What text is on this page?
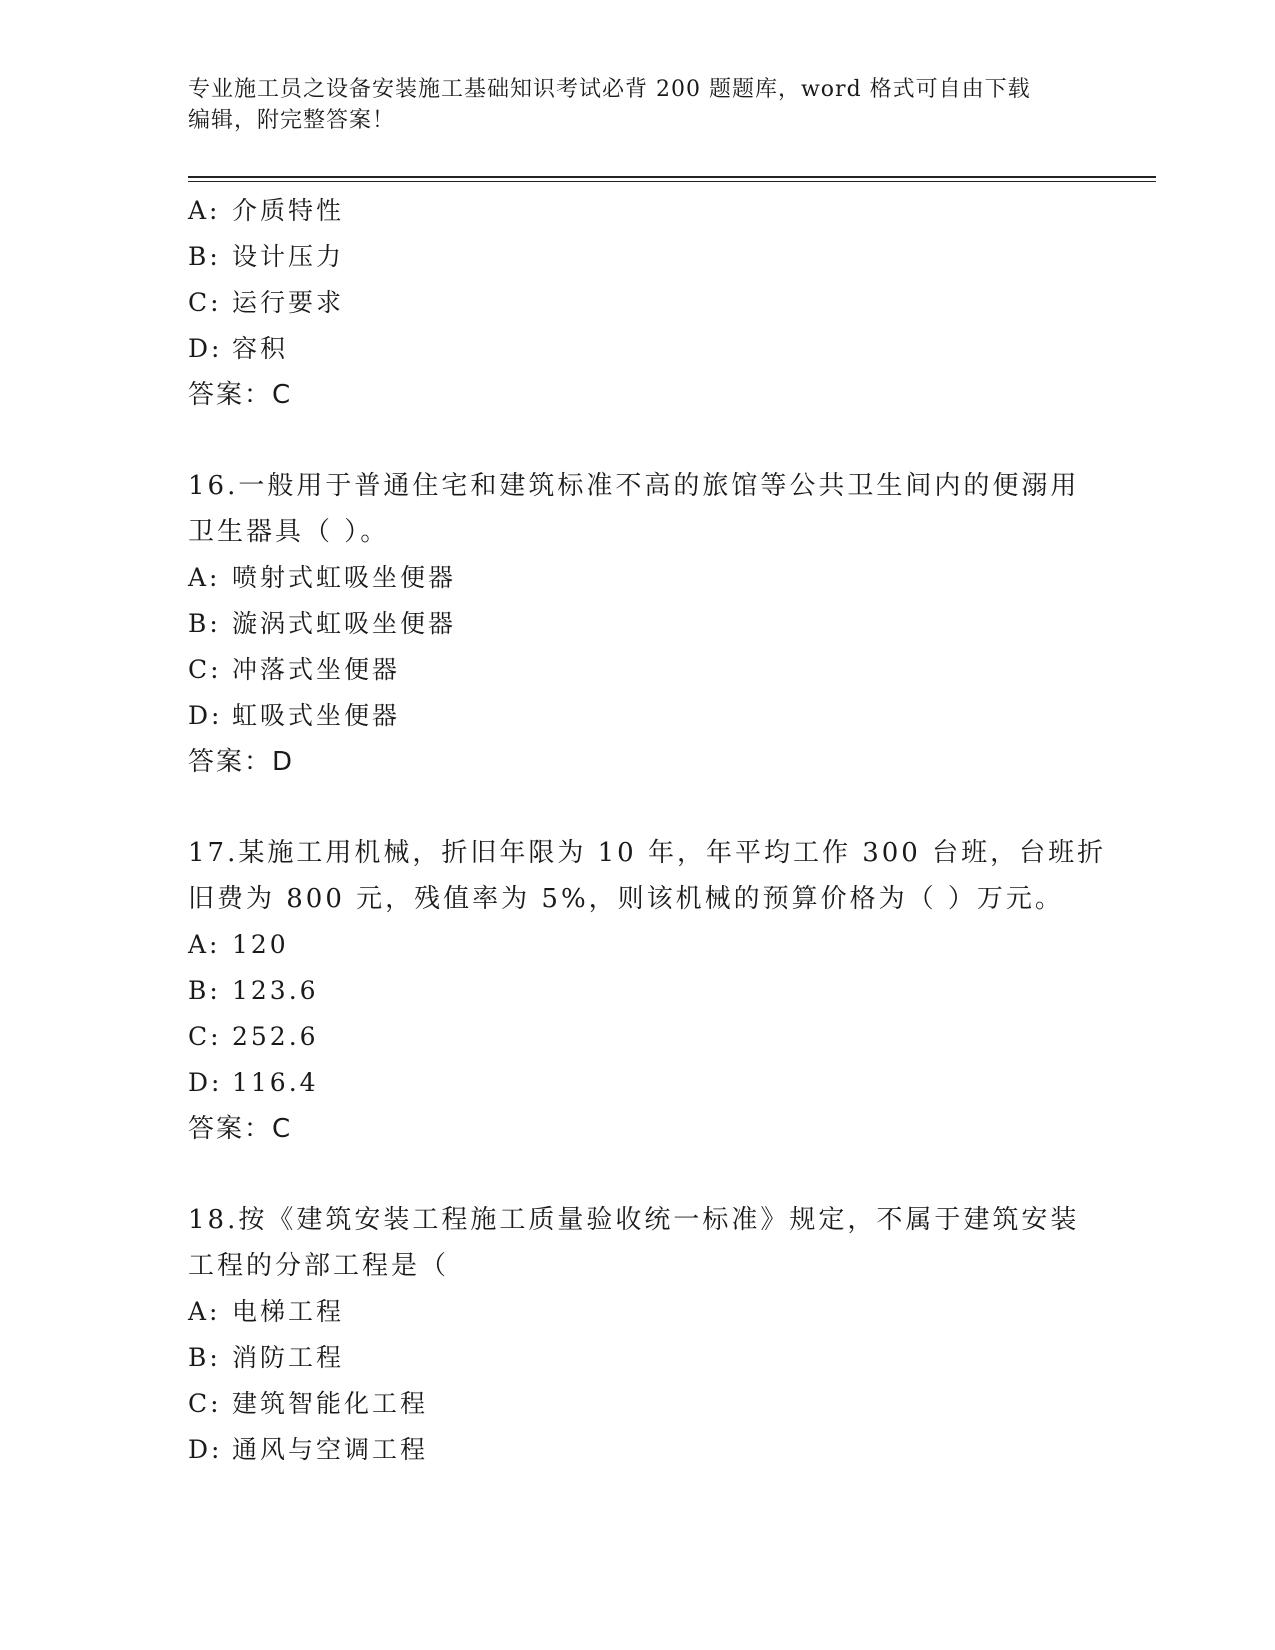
专业施工员之设备安装施工基础知识考试必背 200 题题库，word 格式可自由下载
编辑，附完整答案！
A: 介质特性
B: 设计压力
C: 运行要求
D: 容积
答案：C
16.一般用于普通住宅和建筑标准不高的旅馆等公共卫生间内的便溺用
卫生器具（ ）。
A: 喷射式虹吸坐便器
B: 漩涡式虹吸坐便器
C: 冲落式坐便器
D: 虹吸式坐便器
答案：D
17.某施工用机械，折旧年限为 10 年，年平均工作 300 台班，台班折
旧费为 800 元，残值率为 5%，则该机械的预算价格为（ ）万元。
A: 120
B: 123.6
C: 252.6
D: 116.4
答案：C
18.按《建筑安装工程施工质量验收统一标准》规定，不属于建筑安装
工程的分部工程是（
A: 电梯工程
B: 消防工程
C: 建筑智能化工程
D: 通风与空调工程
